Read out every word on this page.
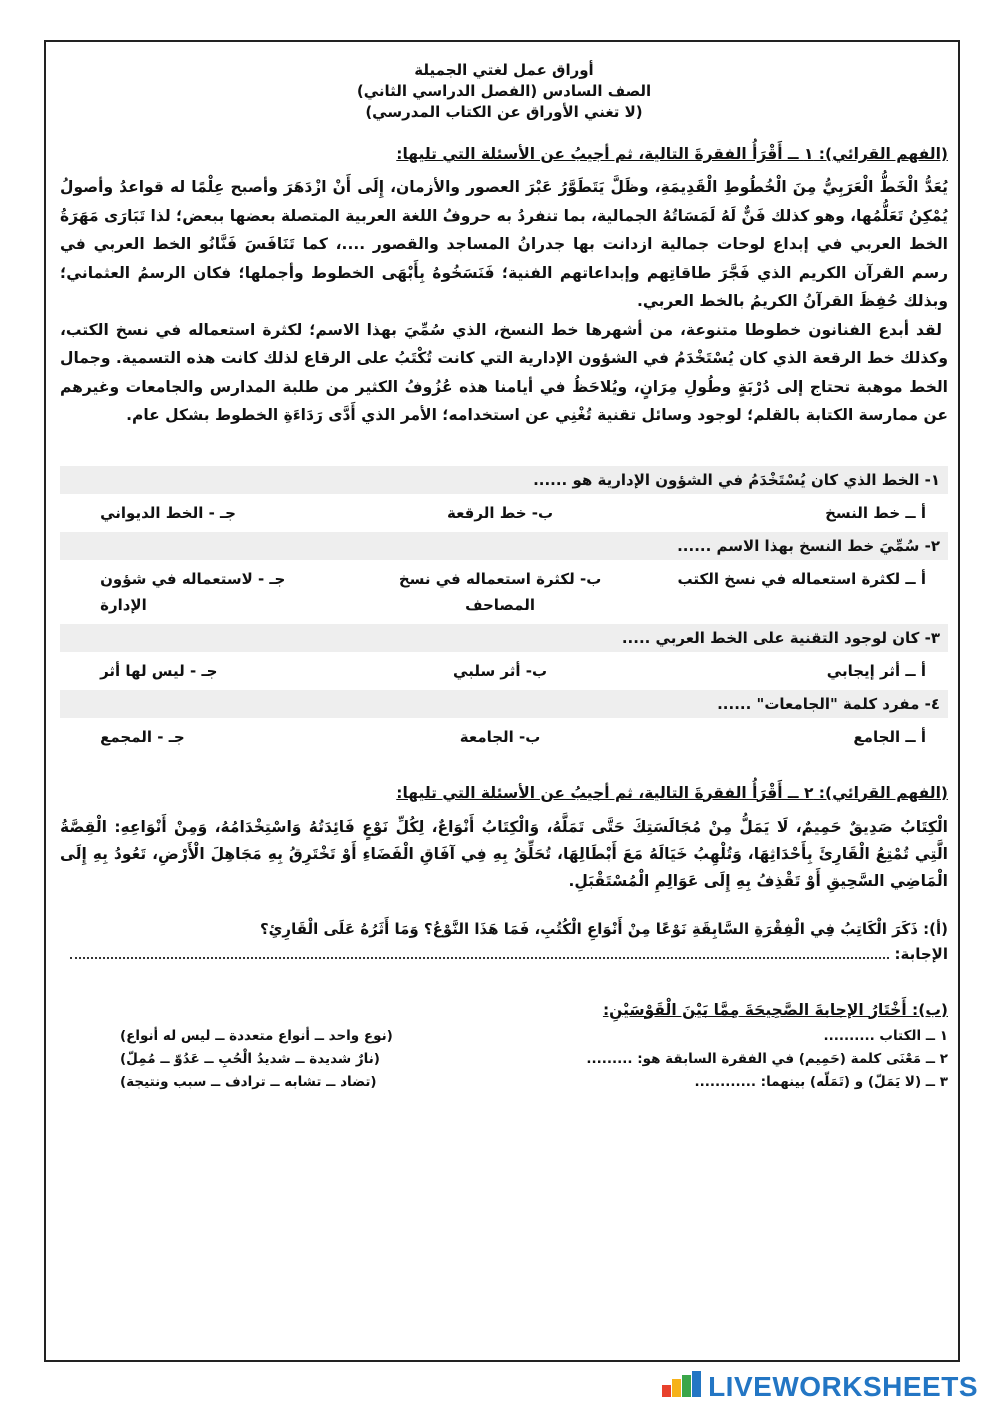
أوراق عمل لغتي الجميلة
الصف السادس (الفصل الدراسي الثاني)
(لا تغني الأوراق عن الكتاب المدرسي)
(الفهم القرائي): ١ ــ أَقْرَأُ الفقرةَ التالية، ثم أجيبُ عن الأسئلة التي تليها:

يُعَدُّ الْخَطُّ الْعَرَبِيُّ مِنَ الْخُطُوطِ الْقَدِيمَةِ، وظَلَّ يَتَطَوَّرُ عَبْرَ العصور والأزمان، إِلَى أَنْ ازْدَهَرَ وأصبح عِلْمًا له قواعدُ وأصولُ يُمْكِنُ تَعَلُّمُها، وهو كذلك فَنٌّ لَهُ لَمَسَاتُهُ الجمالية، بما تنفردُ به حروفُ اللغة العربية المتصلة بعضها ببعض؛ لذا تَبَارَى مَهَرَةُ الخط العربي في إبداع لوحات جمالية ازدانت بها جدرانُ المساجد والقصور ....، كما تَنَافَسَ فَنَّانُو الخط العربي في رسم القرآن الكريم الذي فَجَّرَ طاقاتِهم وإبداعاتهم الفنية؛ فَنَسَخُوهُ بِأَبْهَى الخطوط وأجملها؛ فكان الرسمُ العثماني؛ وبذلك حُفِظَ القرآنُ الكريمُ بالخط العربي.

لقد أبدع الفنانون خطوطا متنوعة، من أشهرها خط النسخ، الذي سُمِّيَ بهذا الاسم؛ لكثرة استعماله في نسخ الكتب، وكذلك خط الرقعة الذي كان يُسْتَخْدَمُ في الشؤون الإدارية التي كانت تُكْتَبُ على الرقاع لذلك كانت هذه التسمية. وجمال الخط موهبة تحتاج إلى دُرْبَةٍ وطُولِ مِرَانٍ، ويُلاحَظُ في أيامنا هذه عُزُوفُ الكثير من طلبة المدارس والجامعات وغيرهم عن ممارسة الكتابة بالقلم؛ لوجود وسائل تقنية تُغْنِي عن استخدامه؛ الأمر الذي أَدَّى رَدَاءَةِ الخطوط بشكل عام.

١- الخط الذي كان يُسْتَخْدَمُ في الشؤون الإدارية هو ......
أ ــ خط النسخ
ب- خط الرقعة
جـ - الخط الديواني
٢- سُمِّيَ خط النسخ بهذا الاسم ......
أ ــ لكثرة استعماله في نسخ الكتب
ب- لكثرة استعماله في نسخ المصاحف
جـ - لاستعماله في شؤون الإدارة
٣- كان لوجود التقنية على الخط العربي .....
أ ــ أثر إيجابي
ب- أثر سلبي
جـ - ليس لها أثر
٤- مفرد كلمة "الجامعات" ......
أ ــ الجامع
ب- الجامعة
جـ - المجمع
(الفهم القرائي): ٢ ــ أَقْرَأُ الفقرةَ التالية، ثم أجيبُ عن الأسئلة التي تليها:
الْكِتَابُ صَدِيقٌ حَمِيمٌ، لَا يَمَلُّ مِنْ مُجَالَسَتِكَ حَتَّى تَمَلَّهُ، وَالْكِتَابُ أَنْوَاعٌ، لِكُلِّ نَوْعٍ فَائِدَتُهُ وَاسْتِخْدَامُهُ، وَمِنْ أَنْوَاعِهِ: الْقِصَّةُ الَّتِي تُمْتِعُ الْقَارِئَ بِأَحْدَاثِهَا، وَتُلْهِبُ خَيَالَهُ مَعَ أَبْطَالِهَا، تُحَلِّقُ بِهِ فِي آفَاقِ الْفَضَاءِ أَوْ تَخْتَرِقُ بِهِ مَجَاهِلَ الْأَرْضِ، تَعُودُ بِهِ إِلَى الْمَاضِي السَّحِيقِ أَوْ تَقْذِفُ بِهِ إِلَى عَوَالِمِ الْمُسْتَقْبَلِ.
(أ): ذَكَرَ الْكَاتِبُ فِي الْفِقْرَةِ السَّابِقَةِ نَوْعًا مِنْ أَنْوَاعِ الْكُتُبِ، فَمَا هَذَا النَّوْعُ؟ وَمَا أَثَرُهُ عَلَى الْقَارِئِ؟
الإجابة:
(ب): أَخْتَارُ الإجابةَ الصَّحِيحَةَ مِمَّا بَيْنَ الْقَوْسَيْنِ:
١ ــ الكتاب ..........
(نوع واحد ــ أنواع متعددة ــ ليس له أنواع)
٢ ــ مَعْنَى كلمة (حَمِيم) في الفقرة السابقة هو: .........
(نارٌ شديدة ــ شديدُ الْحُبِ ــ عَدُوّ ــ مُمِلّ)
٣ ــ (لا يَمَلّ) و (تَمَلّه) بينهما: ............
(تضاد ــ تشابه ــ ترادف ــ سبب ونتيجة)
LIVEWORKSHEETS
